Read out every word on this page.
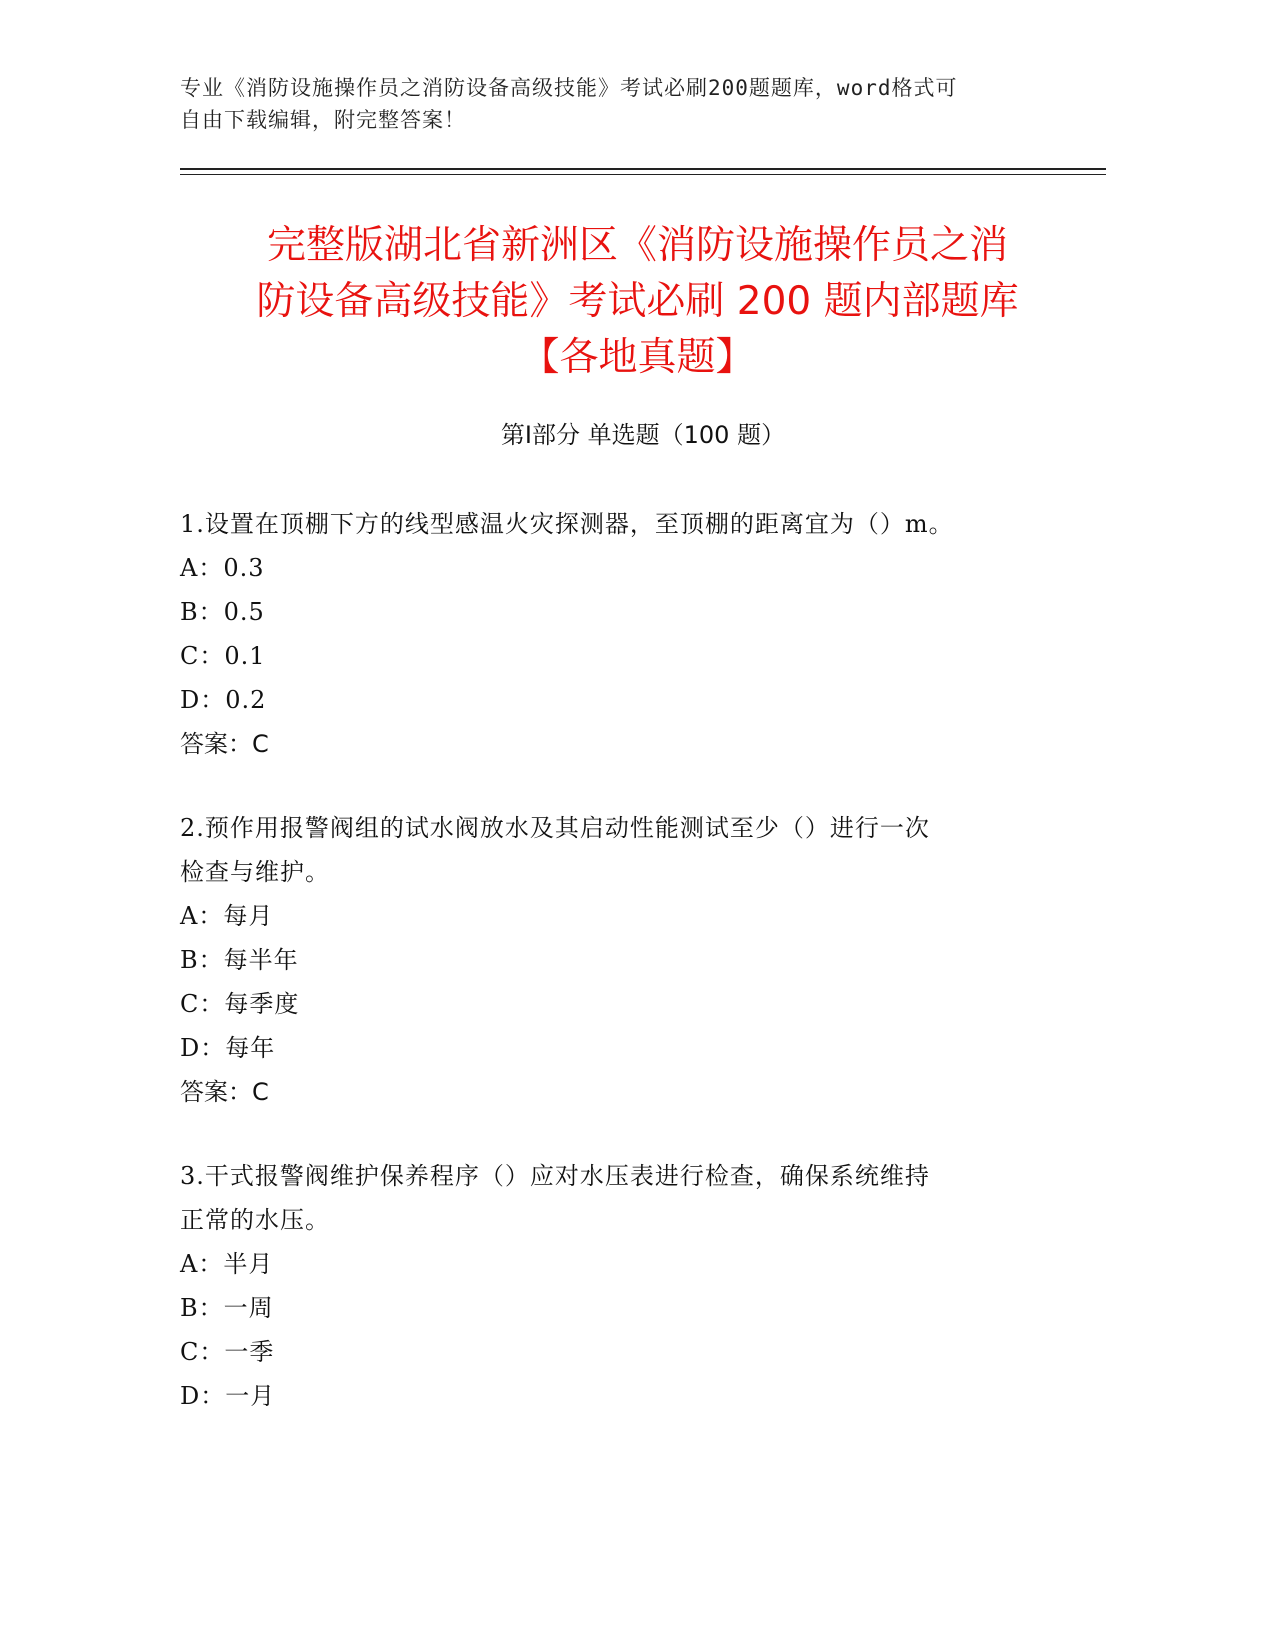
专业《消防设施操作员之消防设备高级技能》考试必刷200题题库，word格式可
自由下载编辑，附完整答案！
完整版湖北省新洲区《消防设施操作员之消
防设备高级技能》考试必刷 200 题内部题库
【各地真题】
第Ⅰ部分 单选题（100 题）

1.设置在顶棚下方的线型感温火灾探测器，至顶棚的距离宜为（）m。

A：0.3

B：0.5

C：0.1

D：0.2

答案：C

2.预作用报警阀组的试水阀放水及其启动性能测试至少（）进行一次

检查与维护。

A：每月

B：每半年

C：每季度

D：每年

答案：C

3.干式报警阀维护保养程序（）应对水压表进行检查，确保系统维持

正常的水压。

A：半月

B：一周

C：一季

D：一月
